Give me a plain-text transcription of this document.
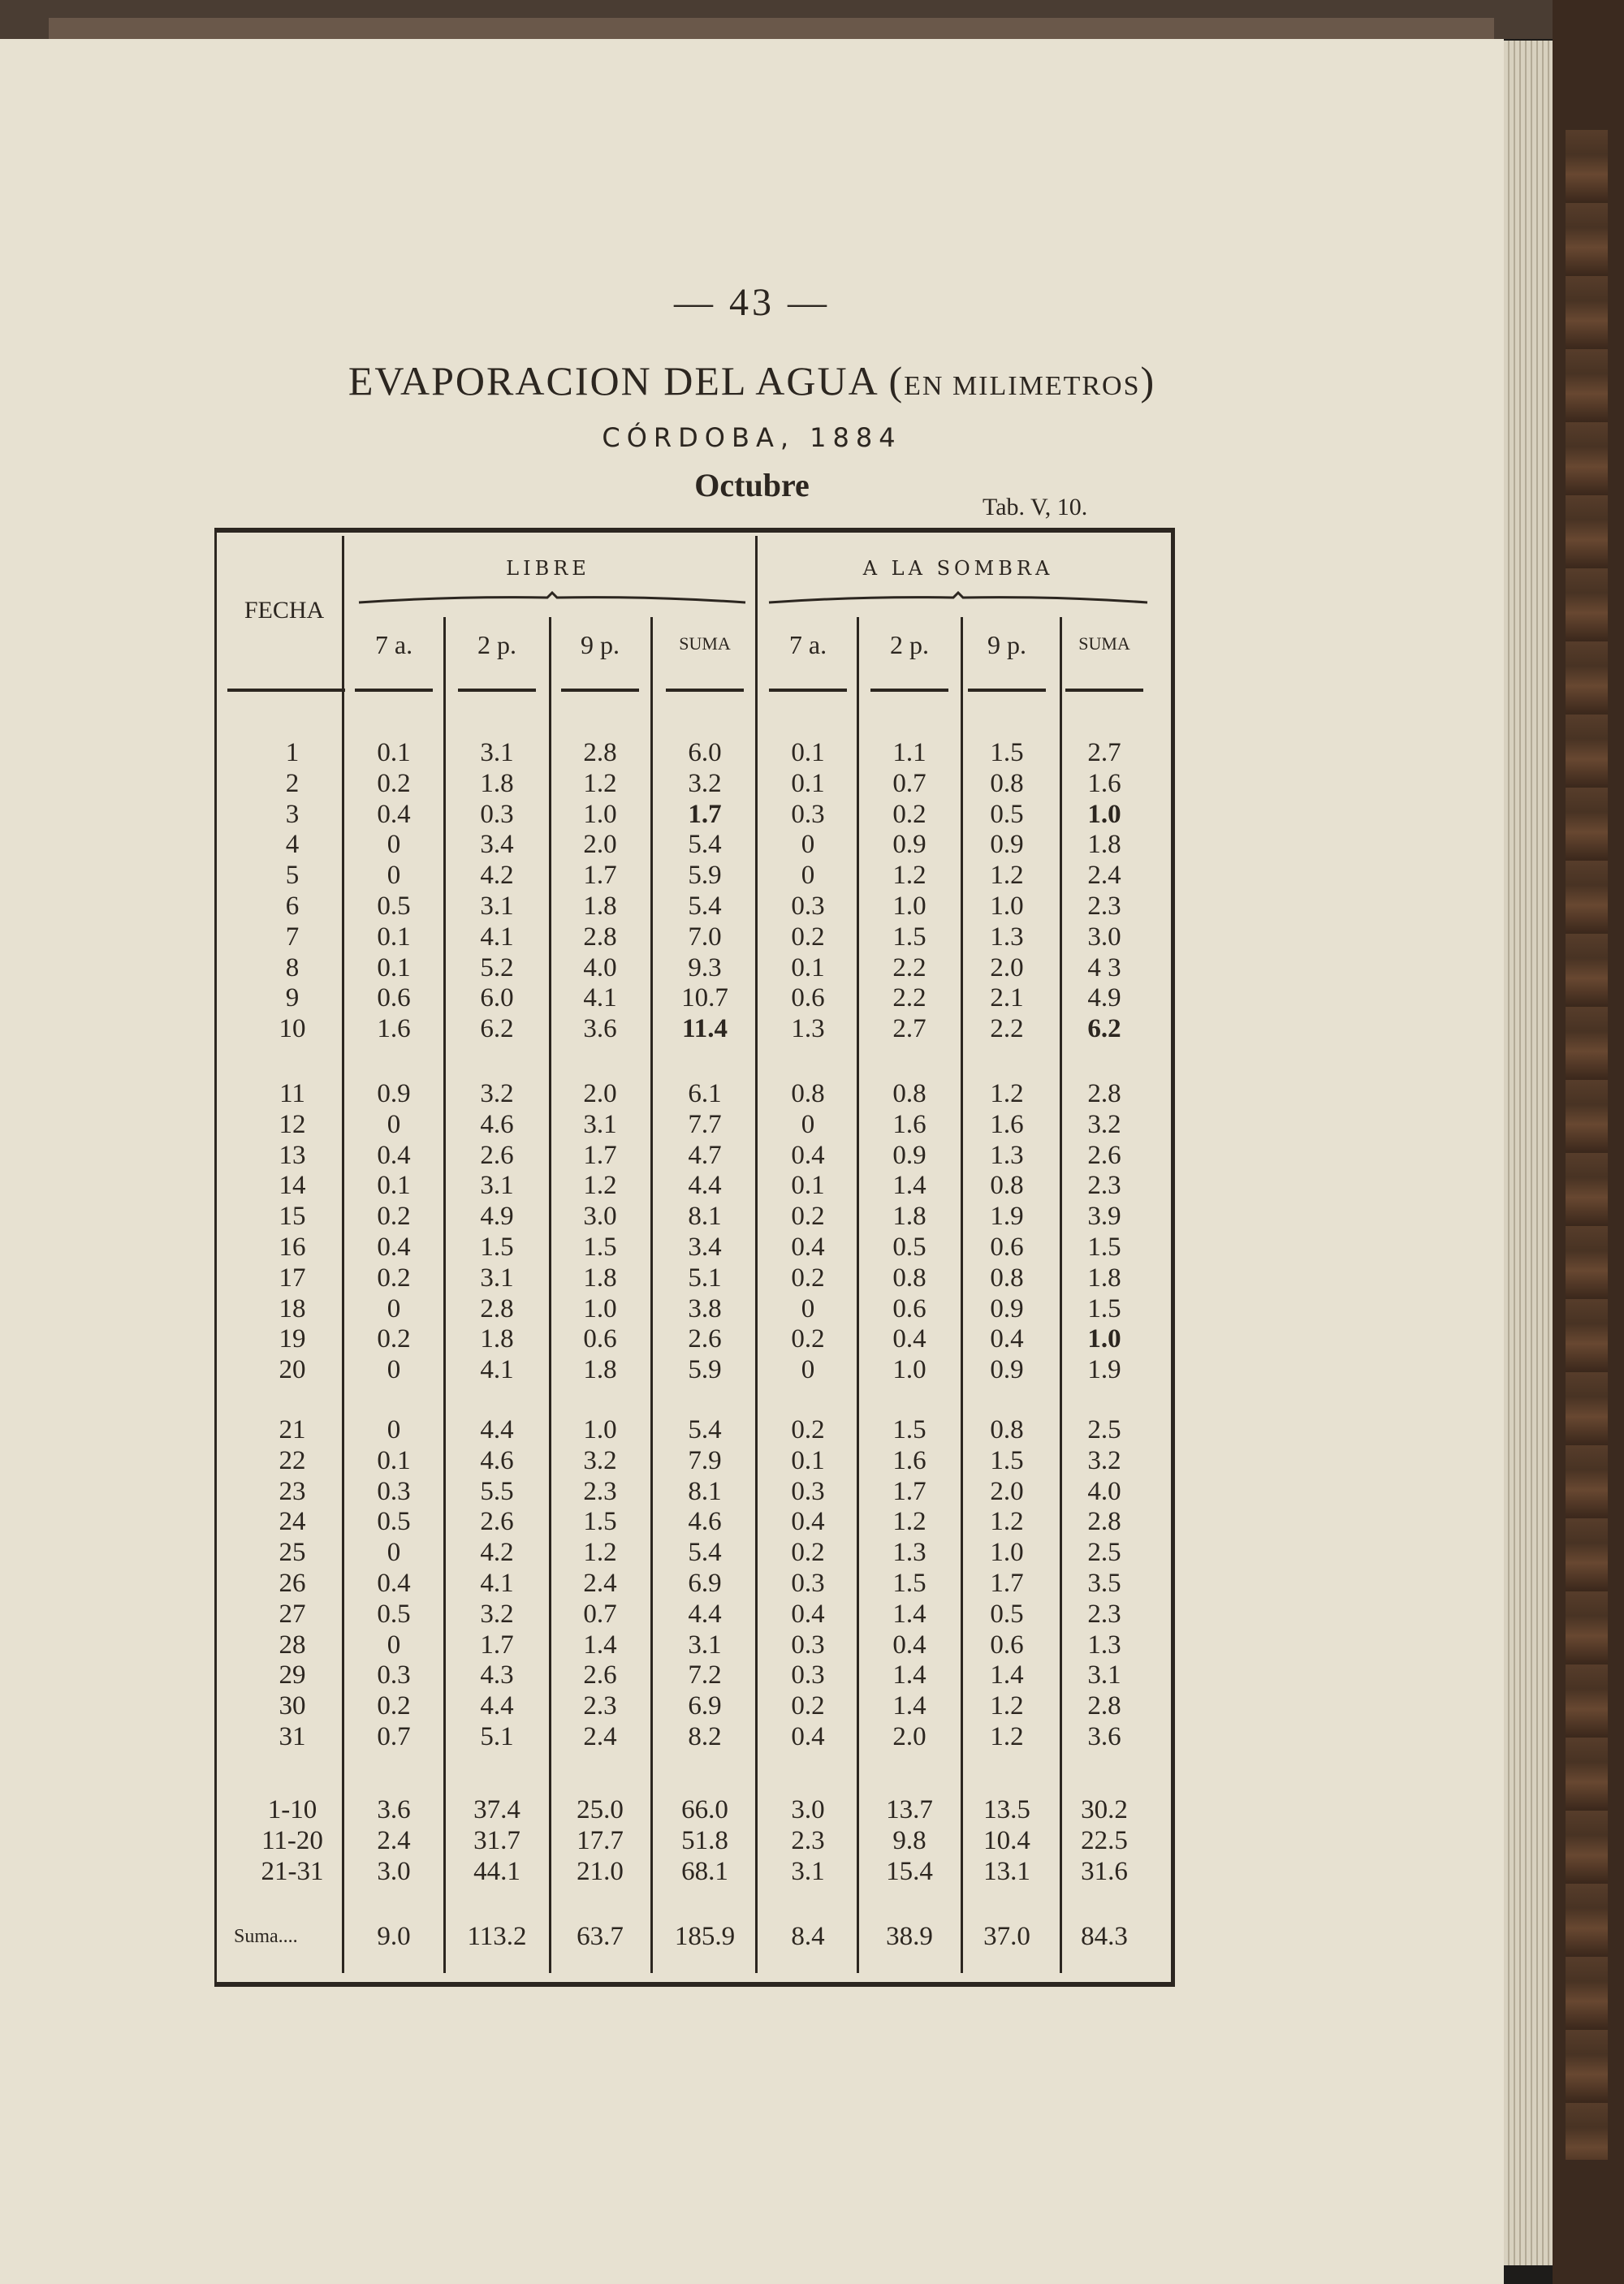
— 43 —
EVAPORACION DEL AGUA (EN MILIMETROS)
CÓRDOBA, 1884
Octubre
Tab. V, 10.
FECHA
LIBRE	A LA SOMBRA
7 a.	2 p.	9 p.	SUMA	7 a.	2 p.	9 p.	SUMA
1	0.1	3.1	2.8	6.0	0.1	1.1	1.5	2.7
2	0.2	1.8	1.2	3.2	0.1	0.7	0.8	1.6
3	0.4	0.3	1.0	1.7	0.3	0.2	0.5	1.0
4	0	3.4	2.0	5.4	0	0.9	0.9	1.8
5	0	4.2	1.7	5.9	0	1.2	1.2	2.4
6	0.5	3.1	1.8	5.4	0.3	1.0	1.0	2.3
7	0.1	4.1	2.8	7.0	0.2	1.5	1.3	3.0
8	0.1	5.2	4.0	9.3	0.1	2.2	2.0	4 3
9	0.6	6.0	4.1	10.7	0.6	2.2	2.1	4.9
10	1.6	6.2	3.6	11.4	1.3	2.7	2.2	6.2
11	0.9	3.2	2.0	6.1	0.8	0.8	1.2	2.8
12	0	4.6	3.1	7.7	0	1.6	1.6	3.2
13	0.4	2.6	1.7	4.7	0.4	0.9	1.3	2.6
14	0.1	3.1	1.2	4.4	0.1	1.4	0.8	2.3
15	0.2	4.9	3.0	8.1	0.2	1.8	1.9	3.9
16	0.4	1.5	1.5	3.4	0.4	0.5	0.6	1.5
17	0.2	3.1	1.8	5.1	0.2	0.8	0.8	1.8
18	0	2.8	1.0	3.8	0	0.6	0.9	1.5
19	0.2	1.8	0.6	2.6	0.2	0.4	0.4	1.0
20	0	4.1	1.8	5.9	0	1.0	0.9	1.9
21	0	4.4	1.0	5.4	0.2	1.5	0.8	2.5
22	0.1	4.6	3.2	7.9	0.1	1.6	1.5	3.2
23	0.3	5.5	2.3	8.1	0.3	1.7	2.0	4.0
24	0.5	2.6	1.5	4.6	0.4	1.2	1.2	2.8
25	0	4.2	1.2	5.4	0.2	1.3	1.0	2.5
26	0.4	4.1	2.4	6.9	0.3	1.5	1.7	3.5
27	0.5	3.2	0.7	4.4	0.4	1.4	0.5	2.3
28	0	1.7	1.4	3.1	0.3	0.4	0.6	1.3
29	0.3	4.3	2.6	7.2	0.3	1.4	1.4	3.1
30	0.2	4.4	2.3	6.9	0.2	1.4	1.2	2.8
31	0.7	5.1	2.4	8.2	0.4	2.0	1.2	3.6
1-10	3.6	37.4	25.0	66.0	3.0	13.7	13.5	30.2
11-20	2.4	31.7	17.7	51.8	2.3	9.8	10.4	22.5
21-31	3.0	44.1	21.0	68.1	3.1	15.4	13.1	31.6
Suma....	9.0	113.2	63.7	185.9	8.4	38.9	37.0	84.3
